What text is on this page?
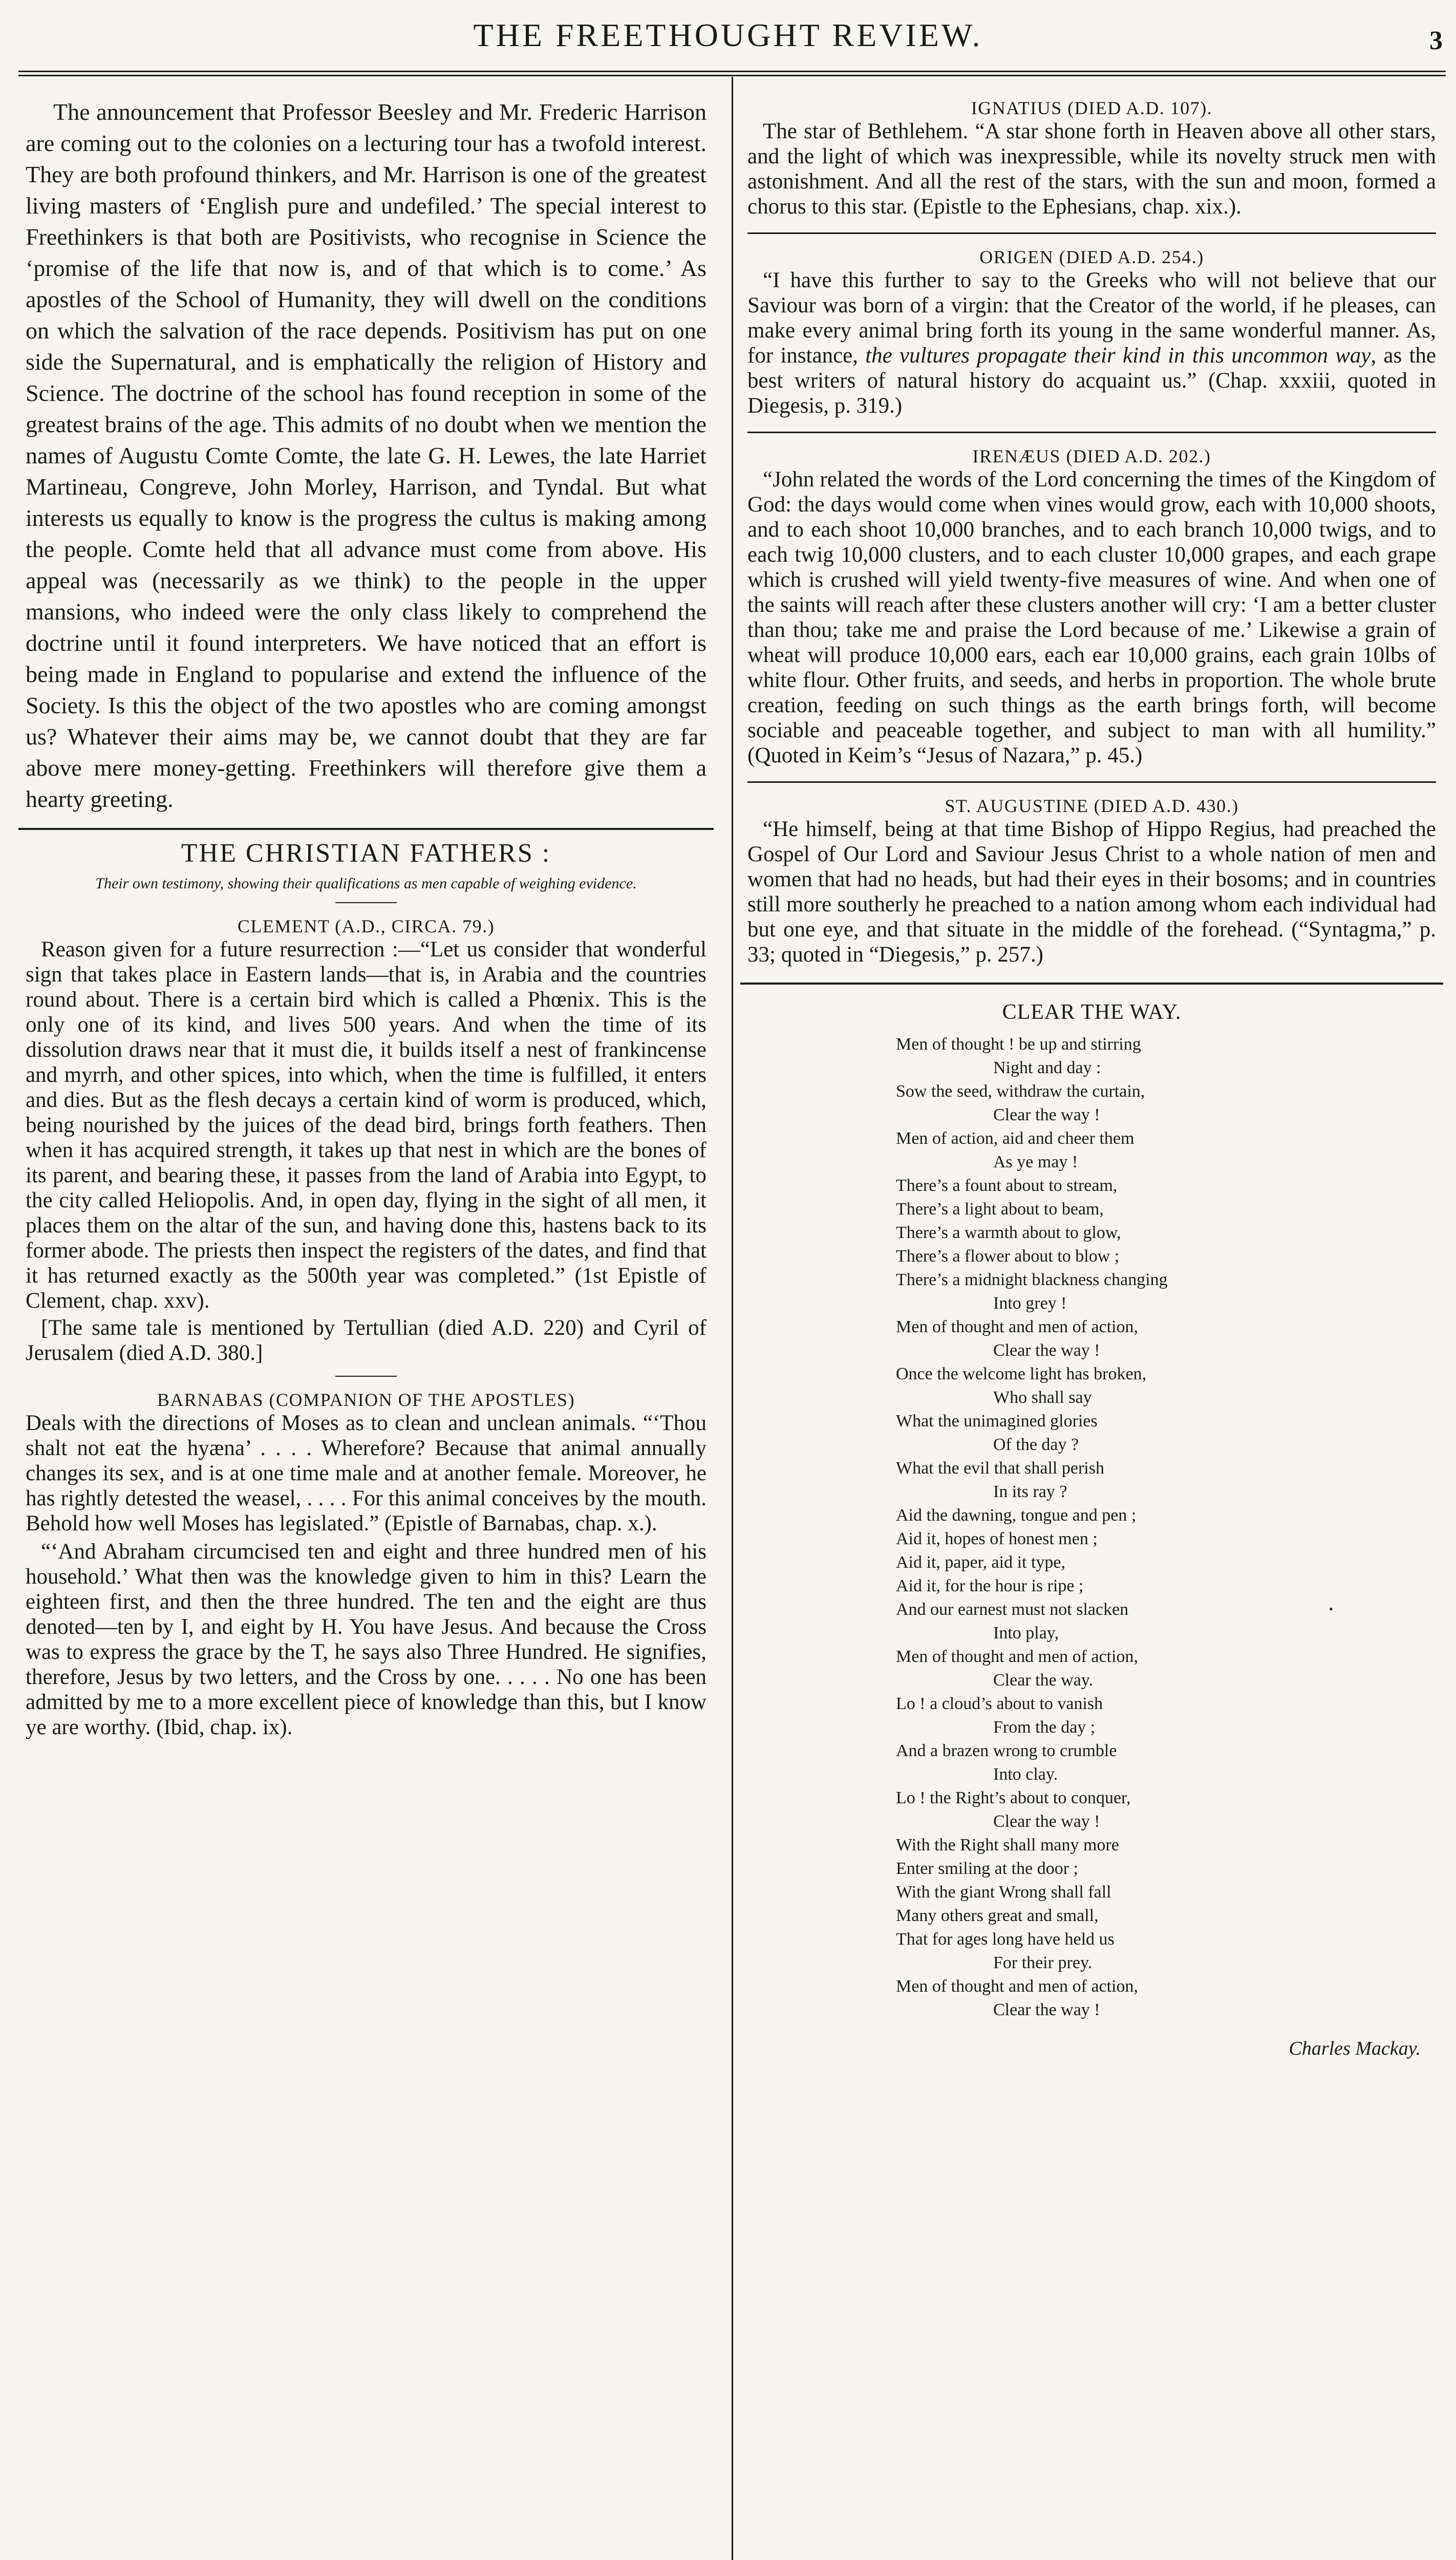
THE FREETHOUGHT REVIEW.	3

The announcement that Professor Beesley and Mr. Frederic Harrison are coming out to the colonies on a lecturing tour has a twofold interest. They are both profound thinkers, and Mr. Harrison is one of the greatest living masters of ‘English pure and undefiled.’ The special interest to Freethinkers is that both are Positivists, who recognise in Science the ‘promise of the life that now is, and of that which is to come.’ As apostles of the School of Humanity, they will dwell on the conditions on which the salvation of the race depends. Positivism has put on one side the Supernatural, and is emphatically the religion of History and Science. The doctrine of the school has found reception in some of the greatest brains of the age. This admits of no doubt when we mention the names of Augustu Comte Comte, the late G. H. Lewes, the late Harriet Martineau, Congreve, John Morley, Harrison, and Tyndal. But what interests us equally to know is the progress the cultus is making among the people. Comte held that all advance must come from above. His appeal was (necessarily as we think) to the people in the upper mansions, who indeed were the only class likely to comprehend the doctrine until it found interpreters. We have noticed that an effort is being made in England to popularise and extend the influence of the Society. Is this the object of the two apostles who are coming amongst us? Whatever their aims may be, we cannot doubt that they are far above mere money-getting. Freethinkers will therefore give them a hearty greeting.

THE CHRISTIAN FATHERS :
Their own testimony, showing their qualifications as men capable of weighing evidence.
CLEMENT (A.D., CIRCA. 79.)

Reason given for a future resurrection :—“Let us consider that wonderful sign that takes place in Eastern lands—that is, in Arabia and the countries round about. There is a certain bird which is called a Phœnix. This is the only one of its kind, and lives 500 years. And when the time of its dissolution draws near that it must die, it builds itself a nest of frankincense and myrrh, and other spices, into which, when the time is fulfilled, it enters and dies. But as the flesh decays a certain kind of worm is produced, which, being nourished by the juices of the dead bird, brings forth feathers. Then when it has acquired strength, it takes up that nest in which are the bones of its parent, and bearing these, it passes from the land of Arabia into Egypt, to the city called Heliopolis. And, in open day, flying in the sight of all men, it places them on the altar of the sun, and having done this, hastens back to its former abode. The priests then inspect the registers of the dates, and find that it has returned exactly as the 500th year was completed.” (1st Epistle of Clement, chap. xxv).

[The same tale is mentioned by Tertullian (died A.D. 220) and Cyril of Jerusalem (died A.D. 380.]

BARNABAS (COMPANION OF THE APOSTLES)

Deals with the directions of Moses as to clean and unclean animals. “‘Thou shalt not eat the hyæna’ . . . . Wherefore? Because that animal annually changes its sex, and is at one time male and at another female. Moreover, he has rightly detested the weasel, . . . . For this animal conceives by the mouth. Behold how well Moses has legislated.” (Epistle of Barnabas, chap. x.).

“‘And Abraham circumcised ten and eight and three hundred men of his household.’ What then was the knowledge given to him in this? Learn the eighteen first, and then the three hundred. The ten and the eight are thus denoted—ten by I, and eight by H. You have Jesus. And because the Cross was to express the grace by the T, he says also Three Hundred. He signifies, therefore, Jesus by two letters, and the Cross by one. . . . . No one has been admitted by me to a more excellent piece of knowledge than this, but I know ye are worthy. (Ibid, chap. ix).

IGNATIUS (DIED A.D. 107).

The star of Bethlehem. “A star shone forth in Heaven above all other stars, and the light of which was inexpressible, while its novelty struck men with astonishment. And all the rest of the stars, with the sun and moon, formed a chorus to this star. (Epistle to the Ephesians, chap. xix.).

ORIGEN (DIED A.D. 254.)

“I have this further to say to the Greeks who will not believe that our Saviour was born of a virgin: that the Creator of the world, if he pleases, can make every animal bring forth its young in the same wonderful manner. As, for instance, the vultures propagate their kind in this uncommon way, as the best writers of natural history do acquaint us.” (Chap. xxxiii, quoted in Diegesis, p. 319.)

IRENÆUS (DIED A.D. 202.)

“John related the words of the Lord concerning the times of the Kingdom of God: the days would come when vines would grow, each with 10,000 shoots, and to each shoot 10,000 branches, and to each branch 10,000 twigs, and to each twig 10,000 clusters, and to each cluster 10,000 grapes, and each grape which is crushed will yield twenty-five measures of wine. And when one of the saints will reach after these clusters another will cry: ‘I am a better cluster than thou; take me and praise the Lord because of me.’ Likewise a grain of wheat will produce 10,000 ears, each ear 10,000 grains, each grain 10lbs of white flour. Other fruits, and seeds, and herbs in proportion. The whole brute creation, feeding on such things as the earth brings forth, will become sociable and peaceable together, and subject to man with all humility.” (Quoted in Keim’s “Jesus of Nazara,” p. 45.)

ST. AUGUSTINE (DIED A.D. 430.)

“He himself, being at that time Bishop of Hippo Regius, had preached the Gospel of Our Lord and Saviour Jesus Christ to a whole nation of men and women that had no heads, but had their eyes in their bosoms; and in countries still more southerly he preached to a nation among whom each individual had but one eye, and that situate in the middle of the forehead. (“Syntagma,” p. 33; quoted in “Diegesis,” p. 257.)

CLEAR THE WAY.
Men of thought ! be up and stirring
Night and day :
Sow the seed, withdraw the curtain,
Clear the way !
Men of action, aid and cheer them
As ye may !
There’s a fount about to stream,
There’s a light about to beam,
There’s a warmth about to glow,
There’s a flower about to blow ;
There’s a midnight blackness changing
Into grey !
Men of thought and men of action,
Clear the way !
Once the welcome light has broken,
Who shall say
What the unimagined glories
Of the day ?
What the evil that shall perish
In its ray ?
Aid the dawning, tongue and pen ;
Aid it, hopes of honest men ;
Aid it, paper, aid it type,
Aid it, for the hour is ripe ;
And our earnest must not slacken
Into play,
Men of thought and men of action,
Clear the way.
Lo ! a cloud’s about to vanish
From the day ;
And a brazen wrong to crumble
Into clay.
Lo ! the Right’s about to conquer,
Clear the way !
With the Right shall many more
Enter smiling at the door ;
With the giant Wrong shall fall
Many others great and small,
That for ages long have held us
For their prey.
Men of thought and men of action,
Clear the way !
Charles Mackay.
•
